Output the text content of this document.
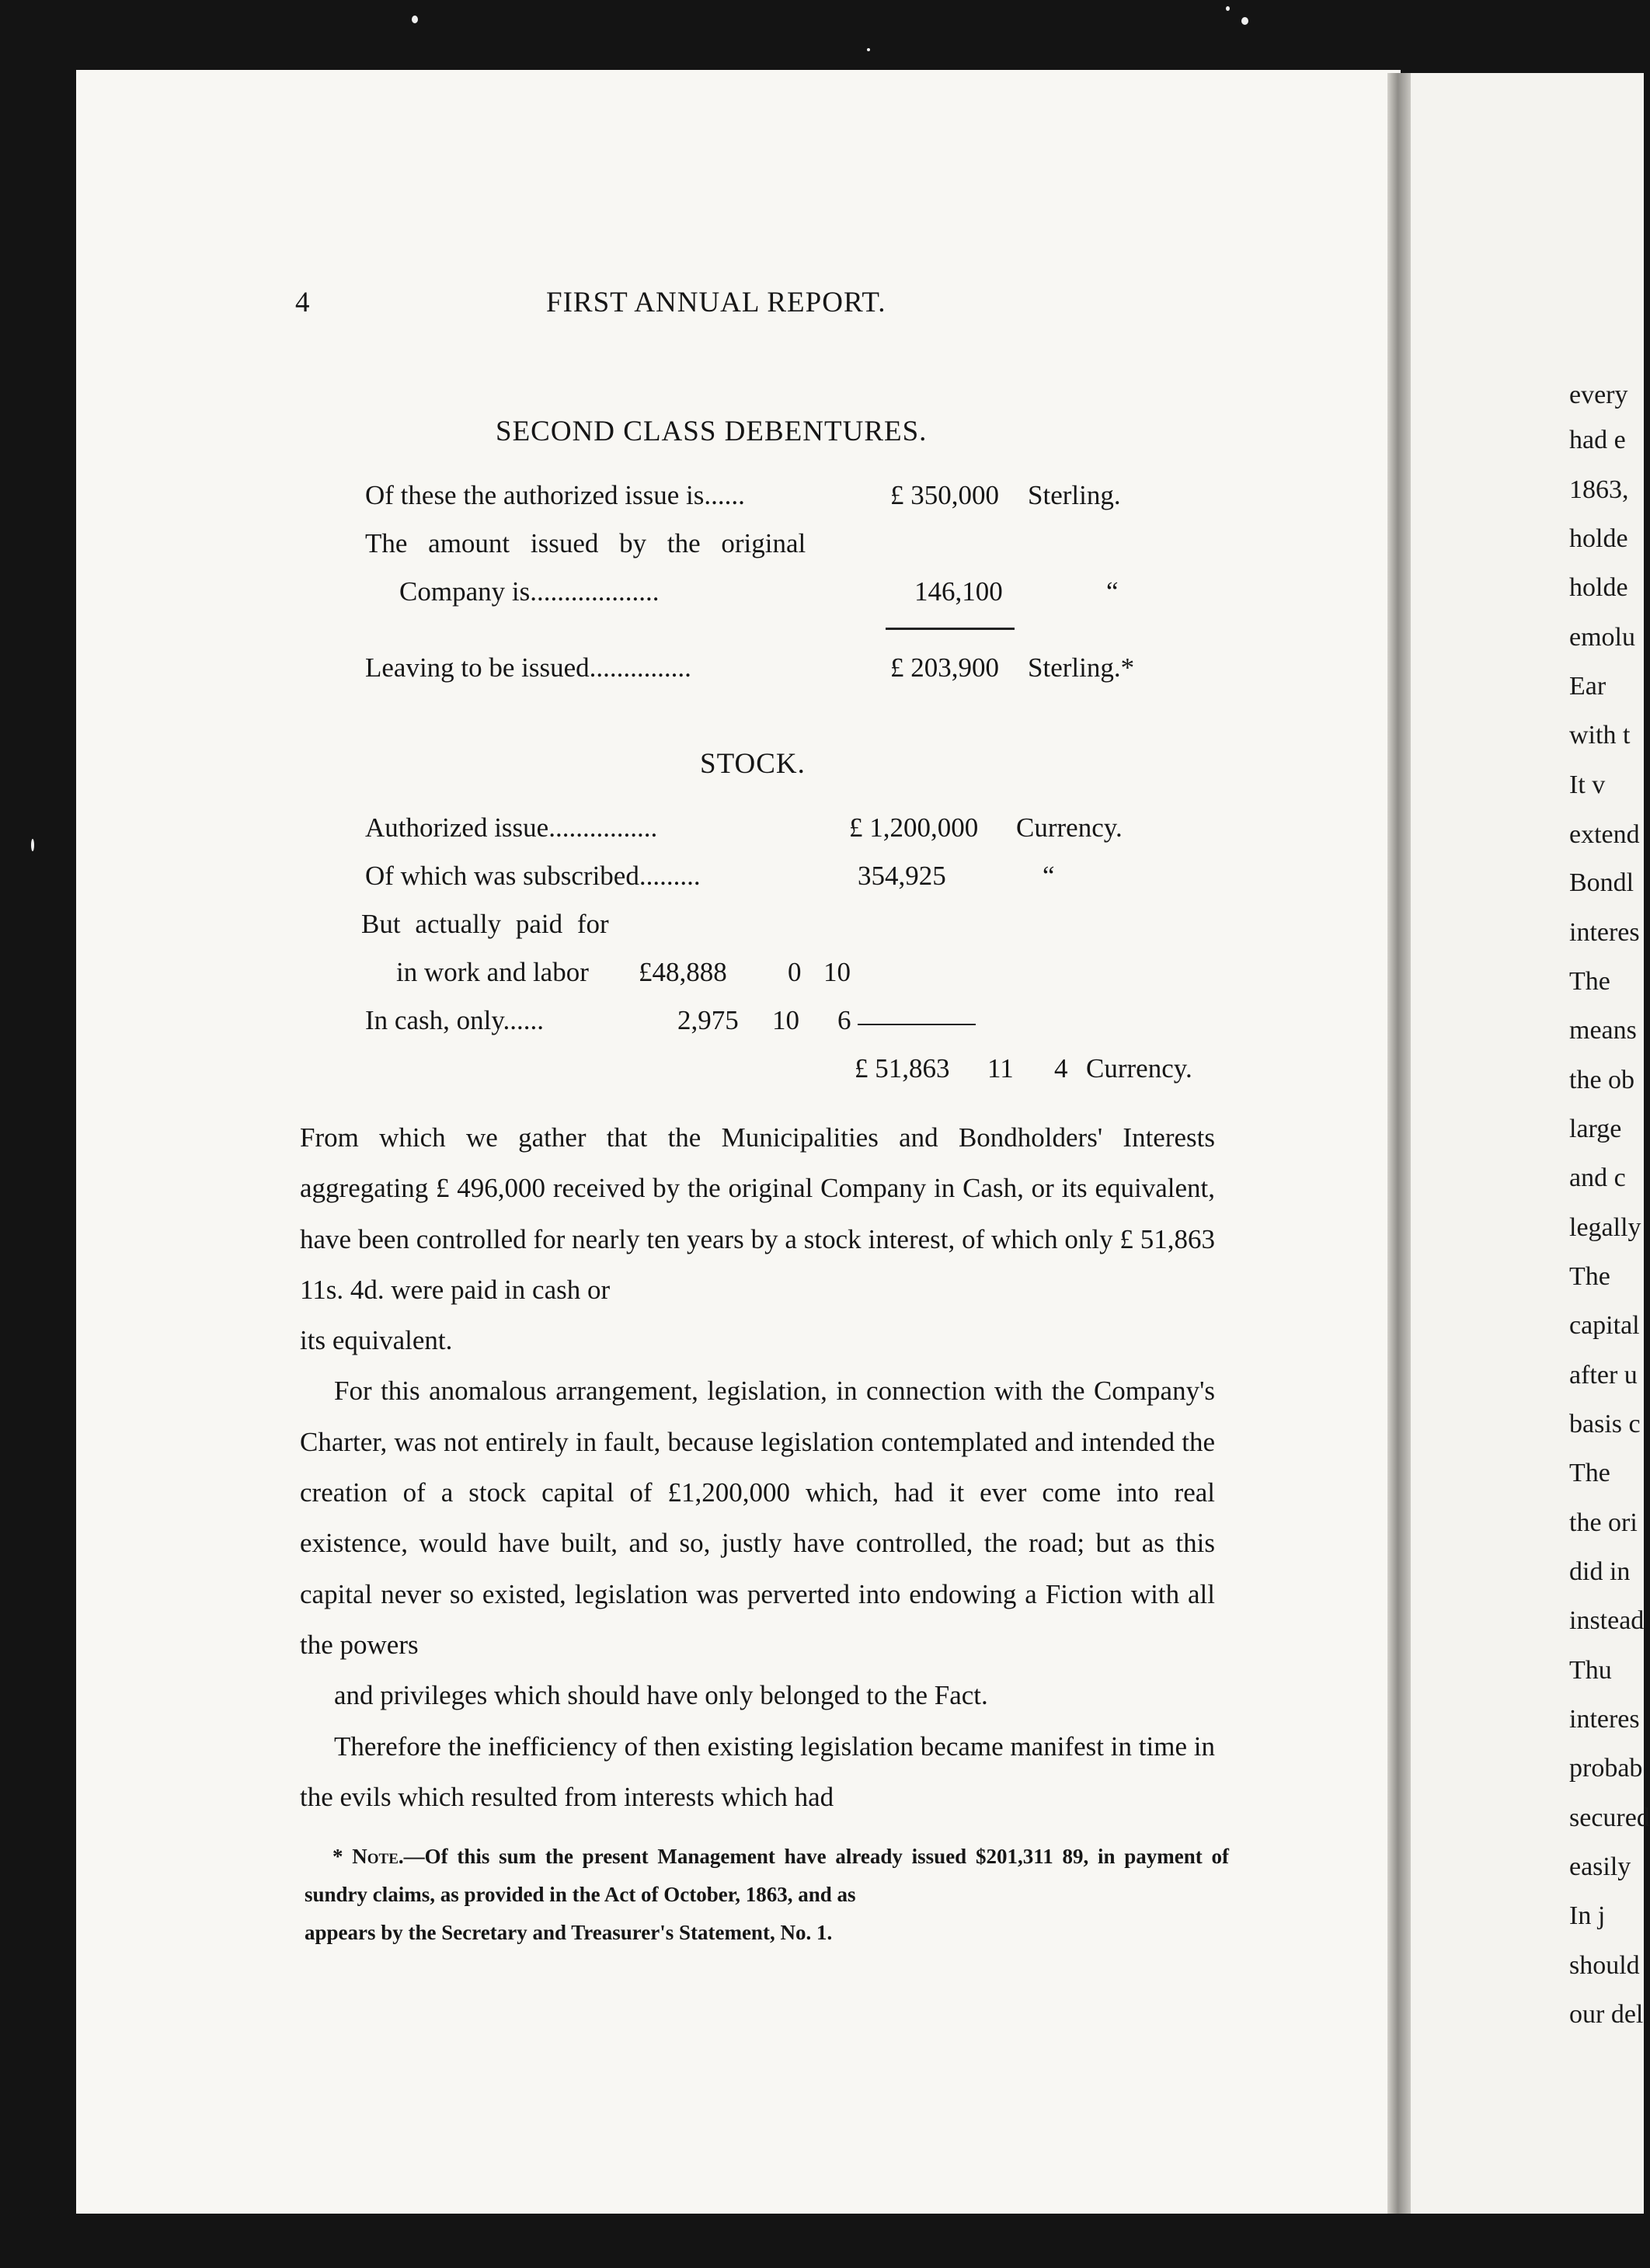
4	FIRST ANNUAL REPORT.
SECOND CLASS DEBENTURES.
Of these the authorized issue is......	£ 350,000 Sterling.
The amount issued by the original
Company is...................	146,100	“
Leaving to be issued...............	£ 203,900 Sterling.*
STOCK.
Authorized issue................	£ 1,200,000 Currency.
Of which was subscribed.........	354,925	“
But actually paid for
in work and labor £48,888 0 10
In cash, only......	2,975 10 6
£ 51,863 11 4 Currency.

From which we gather that the Municipalities and Bondholders' Interests aggregating £ 496,000 received by the original Company in Cash, or its equivalent, have been controlled for nearly ten years by a stock interest, of which only £ 51,863 11s. 4d. were paid in cash or
its equivalent.

For this anomalous arrangement, legislation, in connection with the Company's Charter, was not entirely in fault, because legislation contemplated and intended the creation of a stock capital of £1,200,000 which, had it ever come into real existence, would have built, and so, justly have controlled, the road; but as this capital never so existed, legislation was perverted into endowing a Fiction with all the powers
and privileges which should have only belonged to the Fact.

Therefore the inefficiency of then existing legislation became manifest in time in the evils which resulted from interests which had

* Note.—Of this sum the present Management have already issued $201,311 89, in payment of sundry claims, as provided in the Act of October, 1863, and as
appears by the Secretary and Treasurer's Statement, No. 1.

every
had e
1863,
holde
holde
emolu
Ear
with t
It v
extend
Bondl
interes
The
means
the ob
large
and c
legally
The
capital
after u
basis c
The
the ori
did in
instead
Thu
interes
probab
secured
easily
In j
should
our del
